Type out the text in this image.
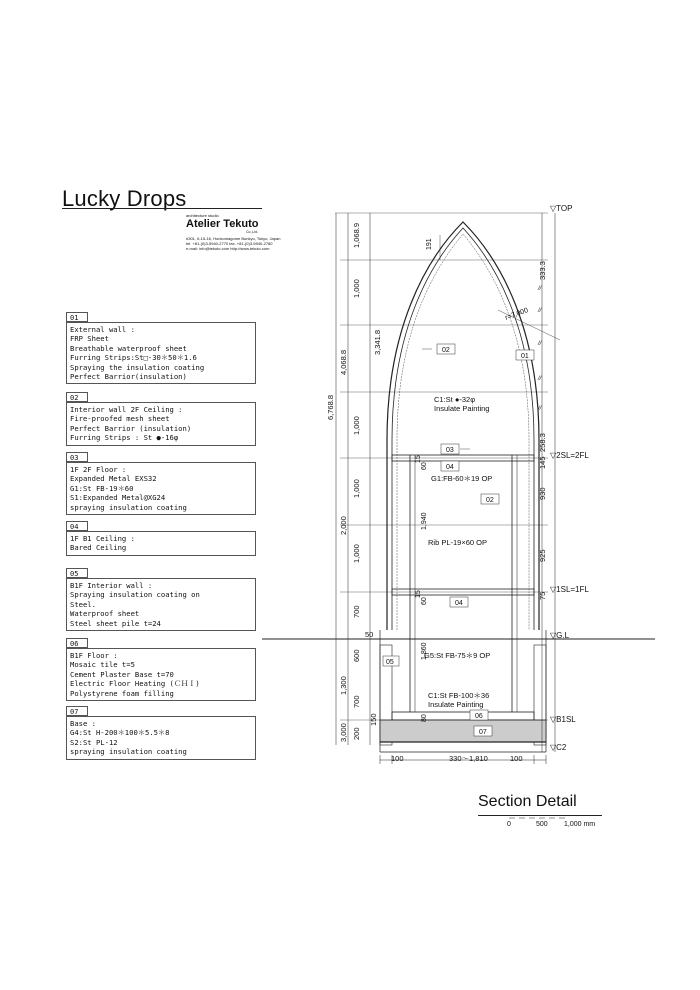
Lucky Drops
architecture studio
Atelier Tekuto
Co.,Ltd.
#301, 6-15-16, Honkomagome Bunkyo, Tokyo, Japan
tel. +81-(0)3-5940-2770 fax. +81-(0)3-5940-2780
e-mail: info@tekuto.com http://www.tekuto.com
01
External wall :
FRP Sheet
Breathable waterproof sheet
Furring Strips:St□-30＊50＊1.6
Spraying the insulation coating
Perfect Barrior(insulation)
02
Interior wall 2F Ceiling :
Fire-proofed mesh sheet
Perfect Barrior (insulation)
Furring Strips : St ●-16φ
03
1F 2F Floor :
Expanded Metal EXS32
G1:St FB-19＊60
S1:Expanded Metal@XG24
spraying insulation coating
04
1F B1 Ceiling :
Bared Ceiling
05
B1F Interior wall :
Spraying insulation coating on
Steel.
Waterproof sheet
Steel sheet pile t=24
06
B1F Floor :
Mosaic tile t=5
Cement Plaster Base t=70
Electric Floor Heating (ＣＨＩ)
Polystyrene foam filling
07
Base :
G4:St H-200＊100＊5.5＊8
S2:St PL-12
spraying insulation coating
▽TOP
▽2SL=2FL
▽1SL=1FL
▽G.L
▽B1SL
▽C2
1,068.9
1,000
1,000
1,000
1,000
700
600
700
200
150
4,068.8
3,341.8
2,000
1,300
3,000
6,768.8
50
333.3
258.3
145
930
925
75
//
//
//
//
//
191
15
60
15
60
1,940
1,860
80
r=7,000
02
01
03
04
02
04
05
06
07
C1:St ●-32φ
Insulate Painting
G1:FB-60＊19 OP
Rib PL-19×60 OP
G5:St FB-75＊9 OP
C1:St FB-100＊36
Insulate Painting
100	330～1,810	100
Section Detail
0	500 1,000 mm
